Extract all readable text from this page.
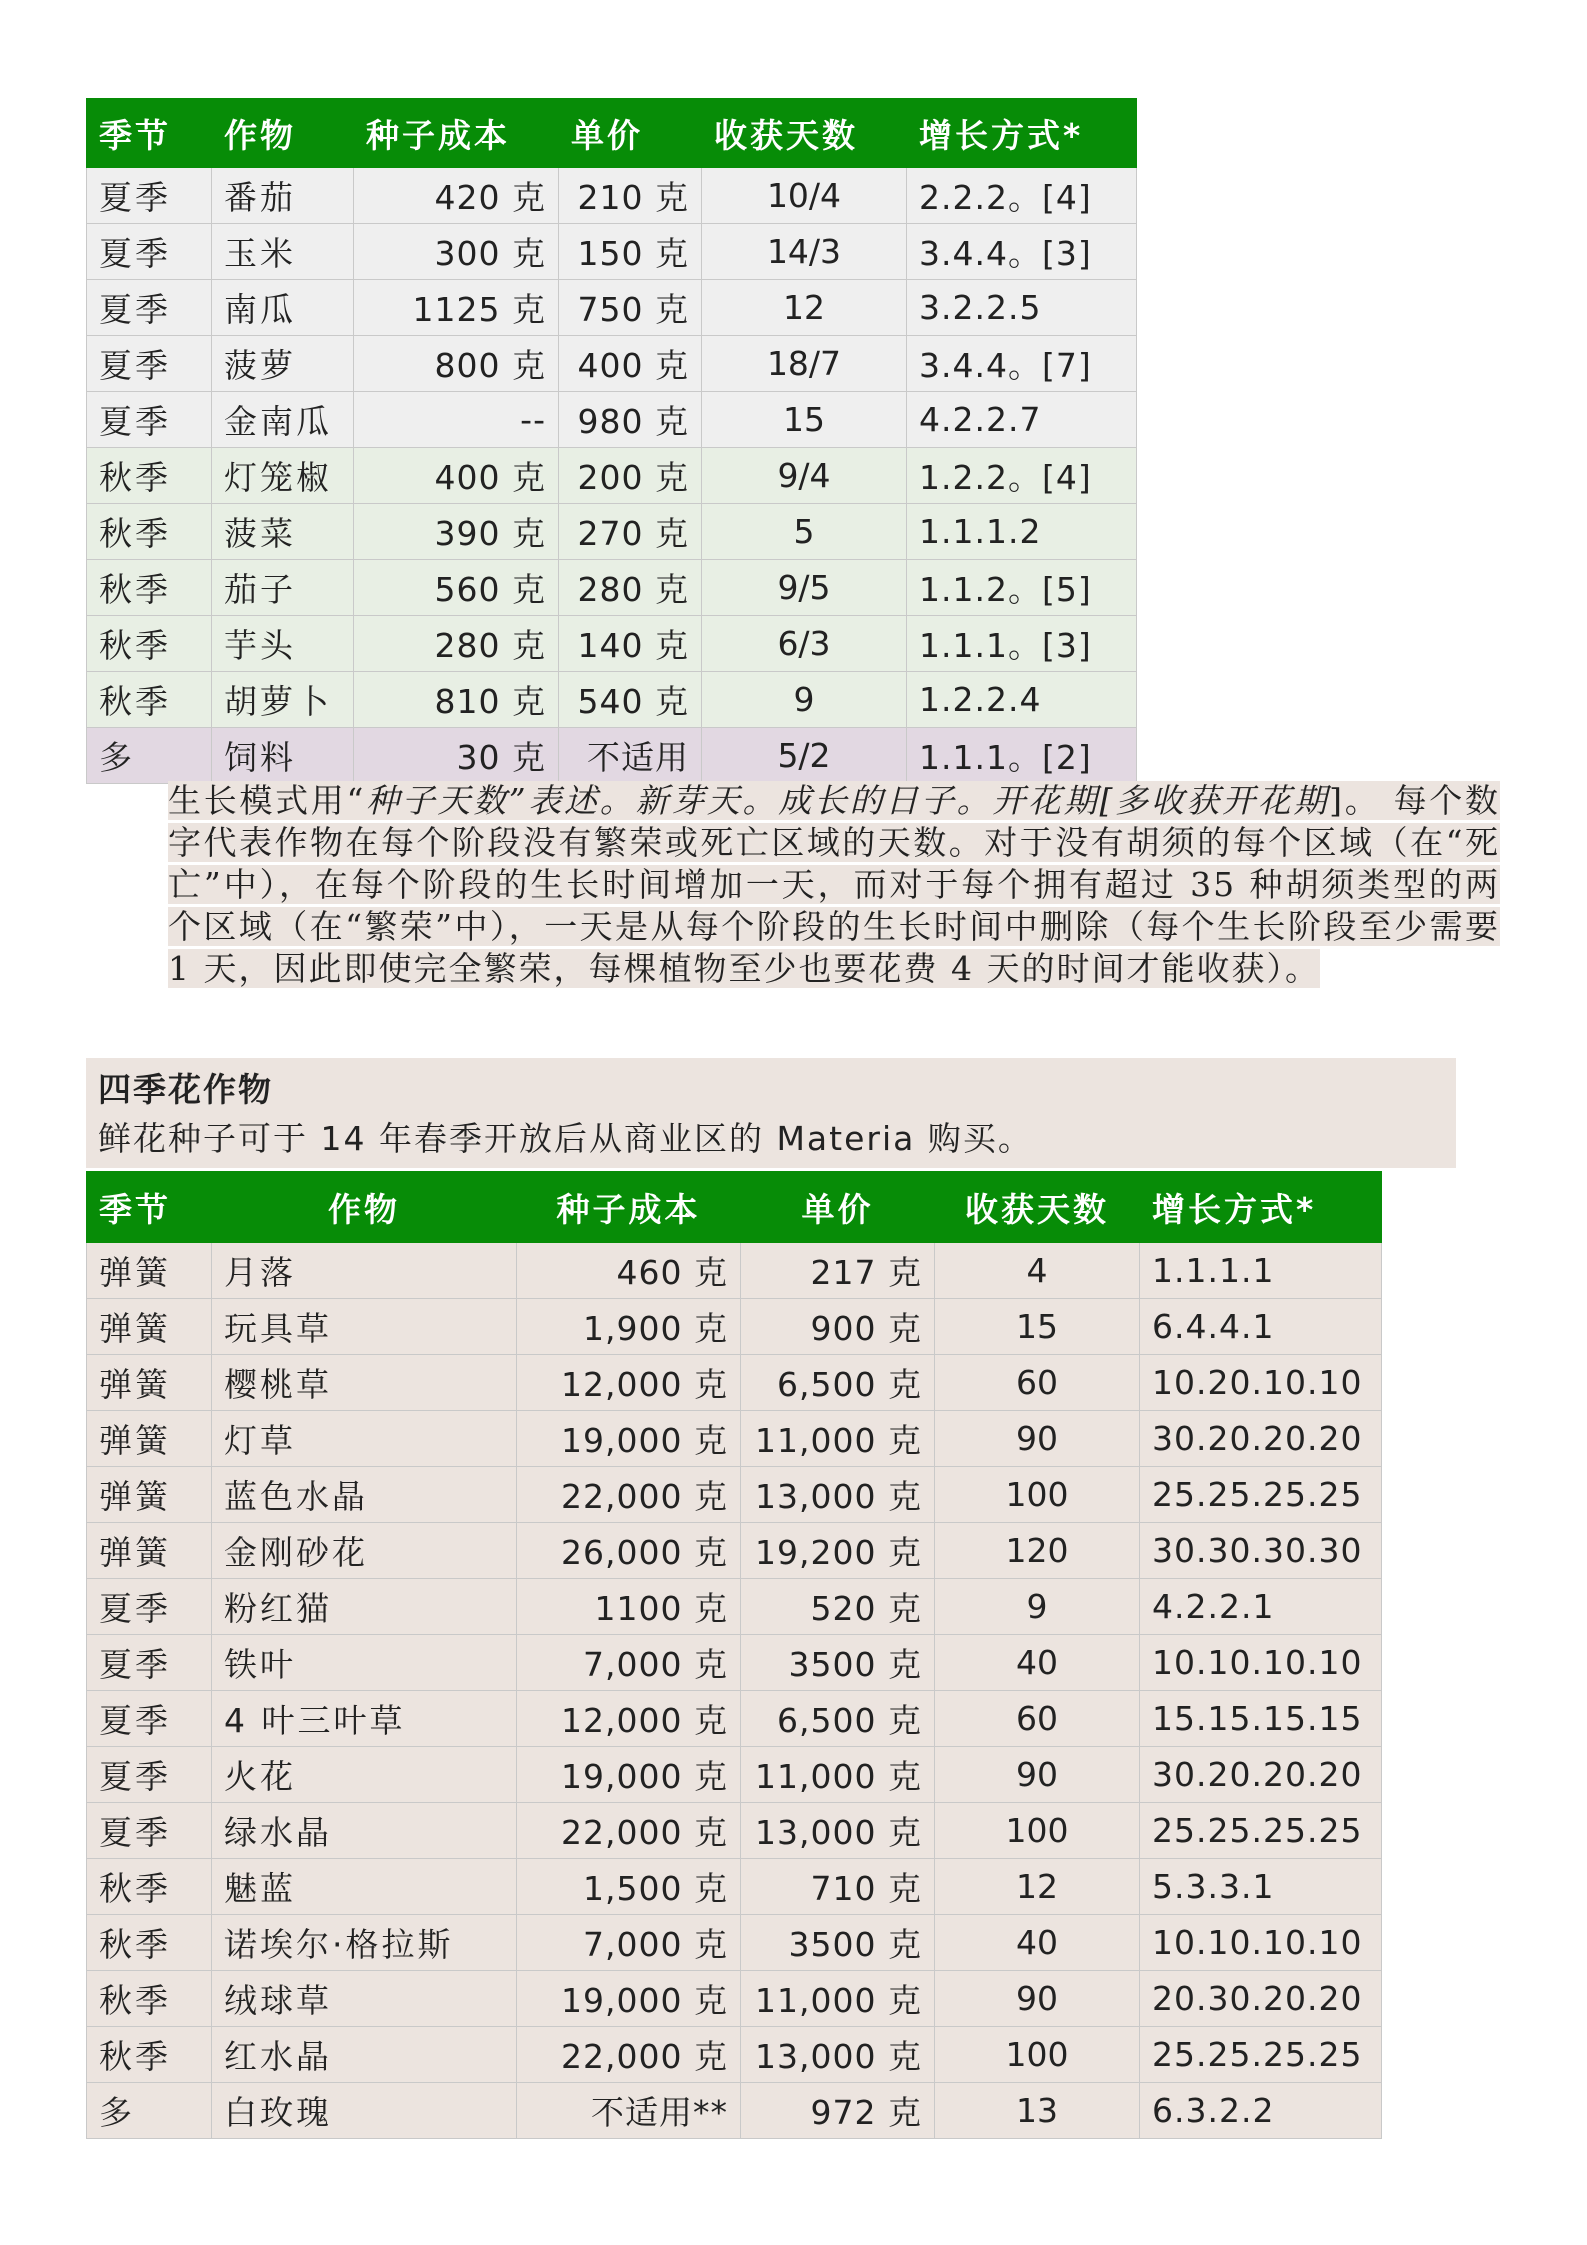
季节	作物	种子成本	单价	收获天数	增长方式*
夏季	番茄	420 克	210 克	10/4	2.2.2。[4]
夏季	玉米	300 克	150 克	14/3	3.4.4。[3]
夏季	南瓜	1125 克	750 克	12	3.2.2.5
夏季	菠萝	800 克	400 克	18/7	3.4.4。[7]
夏季	金南瓜	--	980 克	15	4.2.2.7
秋季	灯笼椒	400 克	200 克	9/4	1.2.2。[4]
秋季	菠菜	390 克	270 克	5	1.1.1.2
秋季	茄子	560 克	280 克	9/5	1.1.2。[5]
秋季	芋头	280 克	140 克	6/3	1.1.1。[3]
秋季	胡萝卜	810 克	540 克	9	1.2.2.4
多	饲料	30 克	不适用	5/2	1.1.1。[2]
生长模式用“种子天数”表述。新芽天。成长的日子。开花期[多收获开花期]。 每个数字代表作物在每个阶段没有繁荣或死亡区域的天数。对于没有胡须的每个区域（在“死亡”中），在每个阶段的生长时间增加一天，而对于每个拥有超过 35 种胡须类型的两个区域（在“繁荣”中），一天是从每个阶段的生长时间中删除（每个生长阶段至少需要 1 天，因此即使完全繁荣，每棵植物至少也要花费 4 天的时间才能收获）。
四季花作物
鲜花种子可于 14 年春季开放后从商业区的 Materia 购买。
季节	作物	种子成本	单价	收获天数	增长方式*
弹簧	月落	460 克	217 克	4	1.1.1.1
弹簧	玩具草	1,900 克	900 克	15	6.4.4.1
弹簧	樱桃草	12,000 克	6,500 克	60	10.20.10.10
弹簧	灯草	19,000 克	11,000 克	90	30.20.20.20
弹簧	蓝色水晶	22,000 克	13,000 克	100	25.25.25.25
弹簧	金刚砂花	26,000 克	19,200 克	120	30.30.30.30
夏季	粉红猫	1100 克	520 克	9	4.2.2.1
夏季	铁叶	7,000 克	3500 克	40	10.10.10.10
夏季	4 叶三叶草	12,000 克	6,500 克	60	15.15.15.15
夏季	火花	19,000 克	11,000 克	90	30.20.20.20
夏季	绿水晶	22,000 克	13,000 克	100	25.25.25.25
秋季	魅蓝	1,500 克	710 克	12	5.3.3.1
秋季	诺埃尔·格拉斯	7,000 克	3500 克	40	10.10.10.10
秋季	绒球草	19,000 克	11,000 克	90	20.30.20.20
秋季	红水晶	22,000 克	13,000 克	100	25.25.25.25
多	白玫瑰	不适用**	972 克	13	6.3.2.2
